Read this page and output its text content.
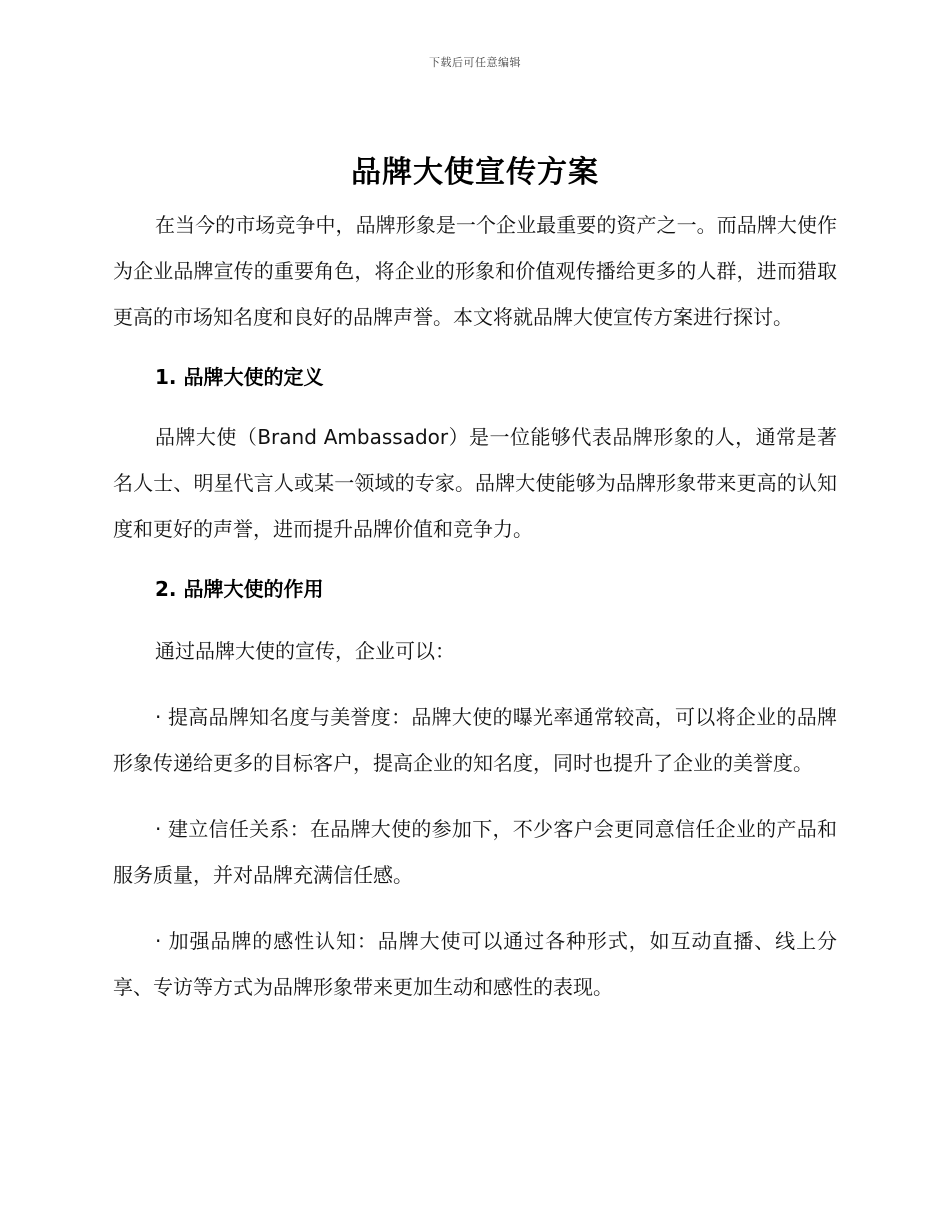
下载后可任意编辑
品牌大使宣传方案

在当今的市场竞争中，品牌形象是一个企业最重要的资产之一。而品牌大使作为企业品牌宣传的重要角色，将企业的形象和价值观传播给更多的人群，进而猎取更高的市场知名度和良好的品牌声誉。本文将就品牌大使宣传方案进行探讨。

1. 品牌大使的定义

品牌大使（Brand Ambassador）是一位能够代表品牌形象的人，通常是著名人士、明星代言人或某一领域的专家。品牌大使能够为品牌形象带来更高的认知度和更好的声誉，进而提升品牌价值和竞争力。

2. 品牌大使的作用

通过品牌大使的宣传，企业可以：

· 提高品牌知名度与美誉度：品牌大使的曝光率通常较高，可以将企业的品牌形象传递给更多的目标客户，提高企业的知名度，同时也提升了企业的美誉度。

· 建立信任关系：在品牌大使的参加下，不少客户会更同意信任企业的产品和服务质量，并对品牌充满信任感。

· 加强品牌的感性认知：品牌大使可以通过各种形式，如互动直播、线上分享、专访等方式为品牌形象带来更加生动和感性的表现。
